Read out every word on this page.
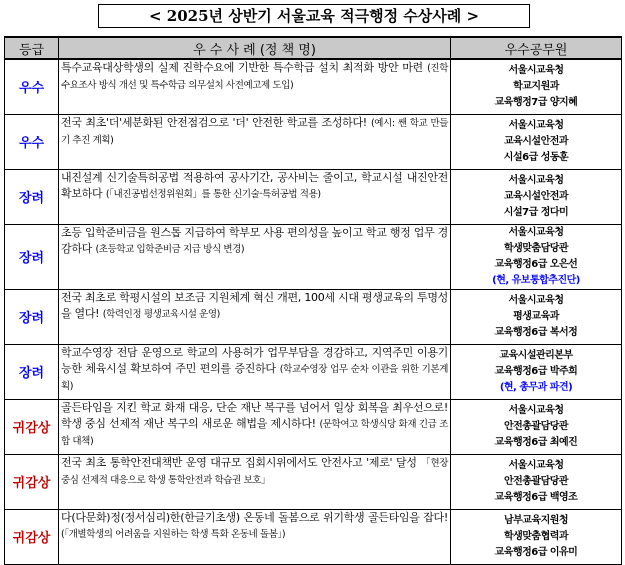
< 2025년 상반기 서울교육 적극행정 수상사례 >
등급	우 수 사 례 (정 책 명)	우수공무원
우수	특수교육대상학생의 실제 진학수요에 기반한 특수학급 설치 최적화 방안 마련 (진학수요조사 방식 개선 및 특수학급 의무설치 사전예고제 도입)	서울시교육청
학교지원과
교육행정7급 양지혜

우수	전국 최초'더'세분화된 안전점검으로 '더' 안전한 학교를 조성하다! (예시: 쌘 학교 만들기 추진 계획)	서울시교육청
교육시설안전과
시설6급 성동훈

장려	내진설계 신기술특허공법 적용하여 공사기간, 공사비는 줄이고, 학교시설 내진안전 확보하다 (「내진공법선정위원회」를 통한 신기술·특허공법 적용)	서울시교육청
교육시설안전과
시설7급 정다미

장려	초등 입학준비금을 원스톱 지급하여 학부모 사용 편의성을 높이고 학교 행정 업무 경감하다 (초등학교 입학준비금 지급 방식 변경)	서울시교육청
학생맞춤담당관
교육행정6급 오은선
(현, 유보통합추진단)

장려	전국 최초로 학평시설의 보조금 지원체계 혁신 개편, 100세 시대 평생교육의 투명성을 열다! (학력인정 평생교육시설 운영)	서울시교육청
평생교육과
교육행정6급 복서정

장려	학교수영장 전담 운영으로 학교의 사용허가 업무부담을 경감하고, 지역주민 이용기능한 체육시설 확보하여 주민 편의를 증진하다 (학교수영장 업무 순차 이관을 위한 기본계획)	교육시설관리본부
교육행정6급 박주희
(현, 총무과 파견)

귀감상	골든타임을 지킨 학교 화재 대응, 단순 재난 복구를 넘어서 일상 회복을 최우선으로! 학생 중심 선제적 재난 복구의 새로운 해법을 제시하다! (문학여고 학생식당 화재 긴급 조합 대책)	서울시교육청
안전총괄담당관
교육행정6급 최예진

귀감상	전국 최초 통학안전대책반 운영 대규모 집회시위에서도 안전사고 '제로' 달성 「현장 중심 선제적 대응으로 학생 통학안전과 학습권 보호」	서울시교육청
안전총괄담당관
교육행정6급 백영조

귀감상	다(다문화)정(정서심리)한(한글기초생) 온동네 돌봄으로 위기학생 골든타임을 잡다! (「개별학생의 어려움을 지원하는 학생 특화 온동네 돌봄」)	남부교육지원청
학생맞춤협력과
교육행정6급 이유미
